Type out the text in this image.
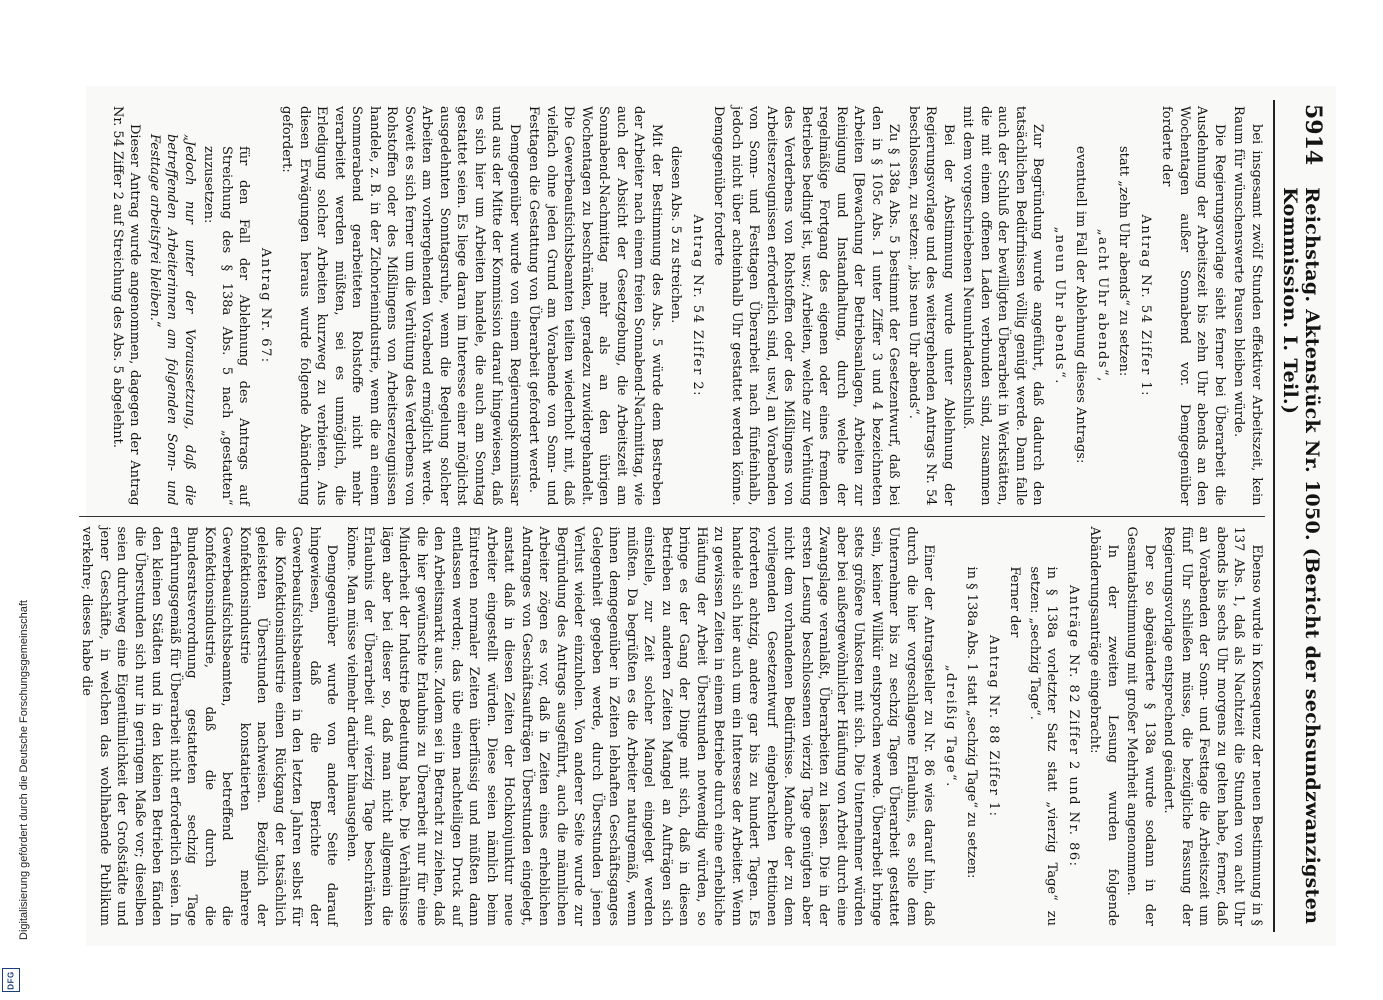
Digitalisierung gefördert durch die Deutsche Forschungsgemeinschaft
DFG
5914
Reichstag. Aktenstück Nr. 1050. (Bericht der sechsundzwanzigsten Kommission. I. Teil.)

bei insgesamt zwölf Stunden effektiver Arbeitszeit, kein Raum für wünschenswerte Pausen bleiben würde.

Die Regierungsvorlage sieht ferner bei Überarbeit die Ausdehnung der Arbeitszeit bis zehn Uhr abends an den Wochentagen außer Sonnabend vor. Demgegenüber forderte der

Antrag Nr. 54 Ziffer 1:

statt „zehn Uhr abends“ zu setzen:

„acht Uhr abends“,

eventuell im Fall der Ablehnung dieses Antrags:

„neun Uhr abends“.

Zur Begründung wurde angeführt, daß dadurch den tatsächlichen Bedürfnissen völlig genügt werde. Dann falle auch der Schluß der bewilligten Überarbeit in Werkstätten, die mit einem offenen Laden verbunden sind, zusammen mit dem vorgeschriebenen Neunuhrladenschluß.

Bei der Abstimmung wurde unter Ablehnung der Regierungsvorlage und des weitergehenden Antrags Nr. 54 beschlossen, zu setzen: „bis neun Uhr abends“.

Zu § 138a Abs. 5 bestimmt der Gesetzentwurf, daß bei den in § 105c Abs. 1 unter Ziffer 3 und 4 bezeichneten Arbeiten [Bewachung der Betriebsanlagen, Arbeiten zur Reinigung und Instandhaltung, durch welche der regelmäßige Fortgang des eigenen oder eines fremden Betriebes bedingt ist, usw.; Arbeiten, welche zur Verhütung des Verderbens von Rohstoffen oder des Mißlingens von Arbeitserzeugnissen erforderlich sind, usw.] an Vorabenden von Sonn- und Festtagen Überarbeit nach fünfeinhalb, jedoch nicht über achteinhalb Uhr gestattet werden könne. Demgegenüber forderte

Antrag Nr. 54 Ziffer 2:

diesen Abs. 5 zu streichen.

Mit der Bestimmung des Abs. 5 würde dem Bestreben der Arbeiter nach einem freien Sonnabend-Nachmittag, wie auch der Absicht der Gesetzgebung, die Arbeitszeit am Sonnabend-Nachmittag mehr als an den übrigen Wochentagen zu beschränken, geradezu zuwidergehandelt. Die Gewerbeaufsichtsbeamten teilten wiederholt mit, daß vielfach ohne jeden Grund am Vorabende von Sonn- und Festtagen die Gestattung von Überarbeit gefordert werde.

Demgegenüber wurde von einem Regierungskommissar und aus der Mitte der Kommission darauf hingewiesen, daß es sich hier um Arbeiten handele, die auch am Sonntag gestattet seien. Es liege daran im Interesse einer möglichst ausgedehnten Sonntagsruhe, wenn die Regelung solcher Arbeiten am vorhergehenden Vorabend ermöglicht werde. Soweit es sich ferner um die Verhütung des Verderbens von Rohstoffen oder des Mißlingens von Arbeitserzeugnissen handele, z. B. in der Zichorienindustrie, wenn die an einem Sommerabend gearbeiteten Rohstoffe nicht mehr verarbeitet werden müßten, sei es unmöglich, die Erledigung solcher Arbeiten kurzweg zu verbieten. Aus diesen Erwägungen heraus wurde folgende Abänderung gefordert:

Antrag Nr. 67:

für den Fall der Ablehnung des Antrags auf Streichung des § 138a Abs. 5 nach „gestatten“ zuzusetzen:

„Jedoch nur unter der Voraussetzung, daß die betreffenden Arbeiterinnen am folgenden Sonn- und Festtage arbeitsfrei bleiben.“

Dieser Antrag wurde angenommen, dagegen der Antrag Nr. 54 Ziffer 2 auf Streichung des Abs. 5 abgelehnt.

Ebenso wurde in Konsequenz der neuen Bestimmung in § 137 Abs. 1, daß als Nachtzeit die Stunden von acht Uhr abends bis sechs Uhr morgens zu gelten habe, ferner, daß an Vorabenden der Sonn- und Festtage die Arbeitszeit um fünf Uhr schließen müsse, die bezügliche Fassung der Regierungsvorlage entsprechend geändert.

Der so abgeänderte § 138a wurde sodann in der Gesamtabstimmung mit großer Mehrheit angenommen.

In der zweiten Lesung wurden folgende Abänderungsanträge eingebracht:

Anträge Nr. 82 Ziffer 2 und Nr. 86:

in § 138a vorletzter Satz statt „vierzig Tage“ zu setzen: „sechzig Tage“.

Ferner der

Antrag Nr. 88 Ziffer 1:

in § 138a Abs. 1 statt „sechzig Tage“ zu setzen:

„dreißig Tage“.

Einer der Antragsteller zu Nr. 86 wies darauf hin, daß durch die hier vorgeschlagene Erlaubnis, es solle dem Unternehmer bis zu sechzig Tagen Überarbeit gestattet sein, keiner Willkür entsprochen werde. Überarbeit bringe stets größere Unkosten mit sich. Die Unternehmer würden aber bei außergewöhnlicher Häufung von Arbeit durch eine Zwangslage veranlaßt, Überarbeiten zu lassen. Die in der ersten Lesung beschlossenen vierzig Tage genügten aber nicht dem vorhandenen Bedürfnisse. Manche der zu dem vorliegenden Gesetzentwurf eingebrachten Petitionen forderten achtzig, andere gar bis zu hundert Tagen. Es handele sich hier auch um ein Interesse der Arbeiter. Wenn zu gewissen Zeiten in einem Betriebe durch eine erhebliche Häufung der Arbeit Überstunden notwendig würden, so bringe es der Gang der Dinge mit sich, daß in diesen Betrieben zu anderen Zeiten Mangel an Aufträgen sich einstelle, zur Zeit solcher Mangel eingelegt werden müßten. Da begrüßten es die Arbeiter naturgemäß, wenn ihnen demgegenüber in Zeiten lebhaften Geschäftsganges Gelegenheit gegeben werde, durch Überstunden jenen Verlust wieder einzuholen. Von anderer Seite wurde zur Begründung des Antrags ausgeführt, auch die männlichen Arbeiter zögen es vor, daß in Zeiten eines erheblichen Andranges von Geschäftsaufträgen Überstunden eingelegt, anstatt daß in diesen Zeiten der Hochkonjunktur neue Arbeiter eingestellt würden. Diese seien nämlich beim Eintreten normaler Zeiten überflüssig und müßten dann entlassen werden; das übe einen nachteiligen Druck auf den Arbeitsmarkt aus. Zudem sei in Betracht zu ziehen, daß die hier gewünschte Erlaubnis zu Überarbeit nur für eine Minderheit der Industrie Bedeutung habe. Die Verhältnisse lägen aber bei dieser so, daß man nicht allgemein die Erlaubnis der Überarbeit auf vierzig Tage beschränken könne. Man müsse vielmehr darüber hinausgehen.

Demgegenüber wurde von anderer Seite darauf hingewiesen, daß die Berichte der Gewerbeaufsichtsbeamten in den letzten Jahren selbst für die Konfektionsindustrie einen Rückgang der tatsächlich geleisteten Überstunden nachweisen. Bezüglich der Konfektionsindustrie konstatierten mehrere Gewerbeaufsichtsbeamten, betreffend die Konfektionsindustrie, daß die durch die Bundesratsverordnung gestatteten sechzig Tage erfahrungsgemäß für Überarbeit nicht erforderlich seien. In den kleinen Städten und in den kleinen Betrieben fänden die Überstunden sich nur in geringem Maße vor; dieselben seien durchweg eine Eigentümlichkeit der Großstädte und jener Geschäfte, in welchen das wohlhabende Publikum verkehre; dieses habe die
